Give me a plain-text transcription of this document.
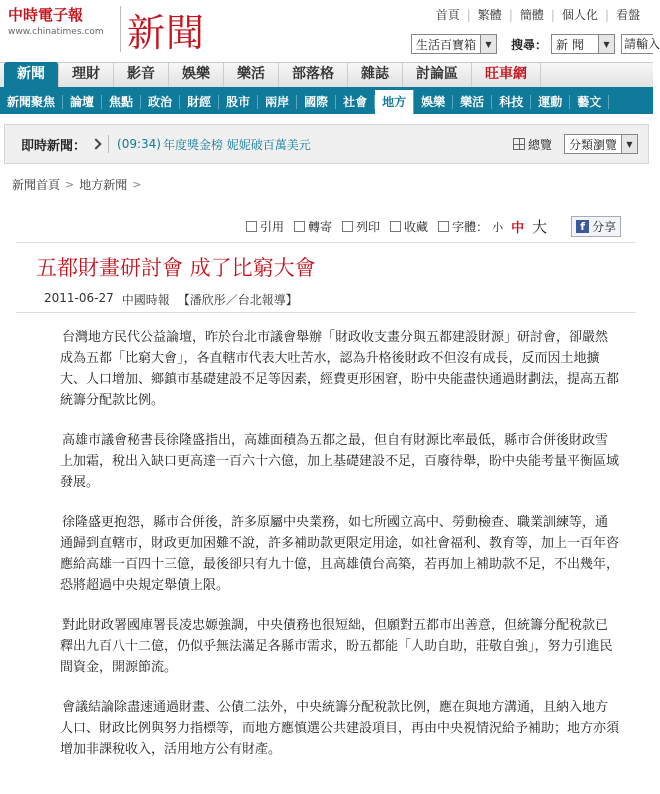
中時電子報
www.chinatimes.com 新聞	首頁 | 繁體 | 簡體 | 個人化 | 看盤
生活百寶箱	▼	搜尋： 新 聞	▼	請輸入
新聞	理財	影音	娛樂	樂活	部落格	雜誌	討論區	旺車網
新聞聚焦	論壇	焦點	政治	財經	股市	兩岸	國際	社會	地方	娛樂	樂活	科技	運動	藝文
即時新聞：	(09:34) 年度獎金榜 妮妮破百萬美元	總覽	分類瀏覽	▼
新聞首頁 > 地方新聞 >
引用 轉寄 列印 收藏 字體： 小 中 大	f 分享
五都財畫研討會 成了比窮大會
2011-06-27 中國時報 【潘欣彤／台北報導】

台灣地方民代公益論壇，昨於台北市議會舉辦「財政收支畫分與五都建設財源」研討會，卻嚴然成為五都「比窮大會」，各直轄市代表大吐苦水，認為升格後財政不但沒有成長，反而因土地擴大、人口增加、鄉鎮市基礎建設不足等因素，經費更形困窘，盼中央能盡快通過財劃法，提高五都統籌分配款比例。

高雄市議會秘書長徐隆盛指出，高雄面積為五都之最，但自有財源比率最低，縣市合併後財政雪上加霜，稅出入缺口更高達一百六十六億，加上基礎建設不足，百廢待舉，盼中央能考量平衡區域發展。

徐隆盛更抱怨，縣市合併後，許多原屬中央業務，如七所國立高中、勞動檢查、職業訓練等，通通歸到直轄市，財政更加困難不說，許多補助款更限定用途，如社會福利、教育等，加上一百年咨應給高雄一百四十三億，最後卻只有九十億，且高雄債台高築，若再加上補助款不足，不出幾年，恐將超過中央規定舉債上限。

對此財政署國庫署長凌忠嫄強調，中央債務也很短絀，但願對五都市出善意，但統籌分配稅款已釋出九百八十二億，仍似乎無法滿足各縣市需求，盼五都能「人助自助，莊敬自強」，努力引進民間資金，開源節流。

會議結論除盡速通過財畫、公債二法外，中央統籌分配稅款比例，應在與地方溝通，且納入地方人口、財政比例與努力指標等，而地方應慎選公共建設項目，再由中央視情況給予補助；地方亦須增加非課稅收入，活用地方公有財產。
